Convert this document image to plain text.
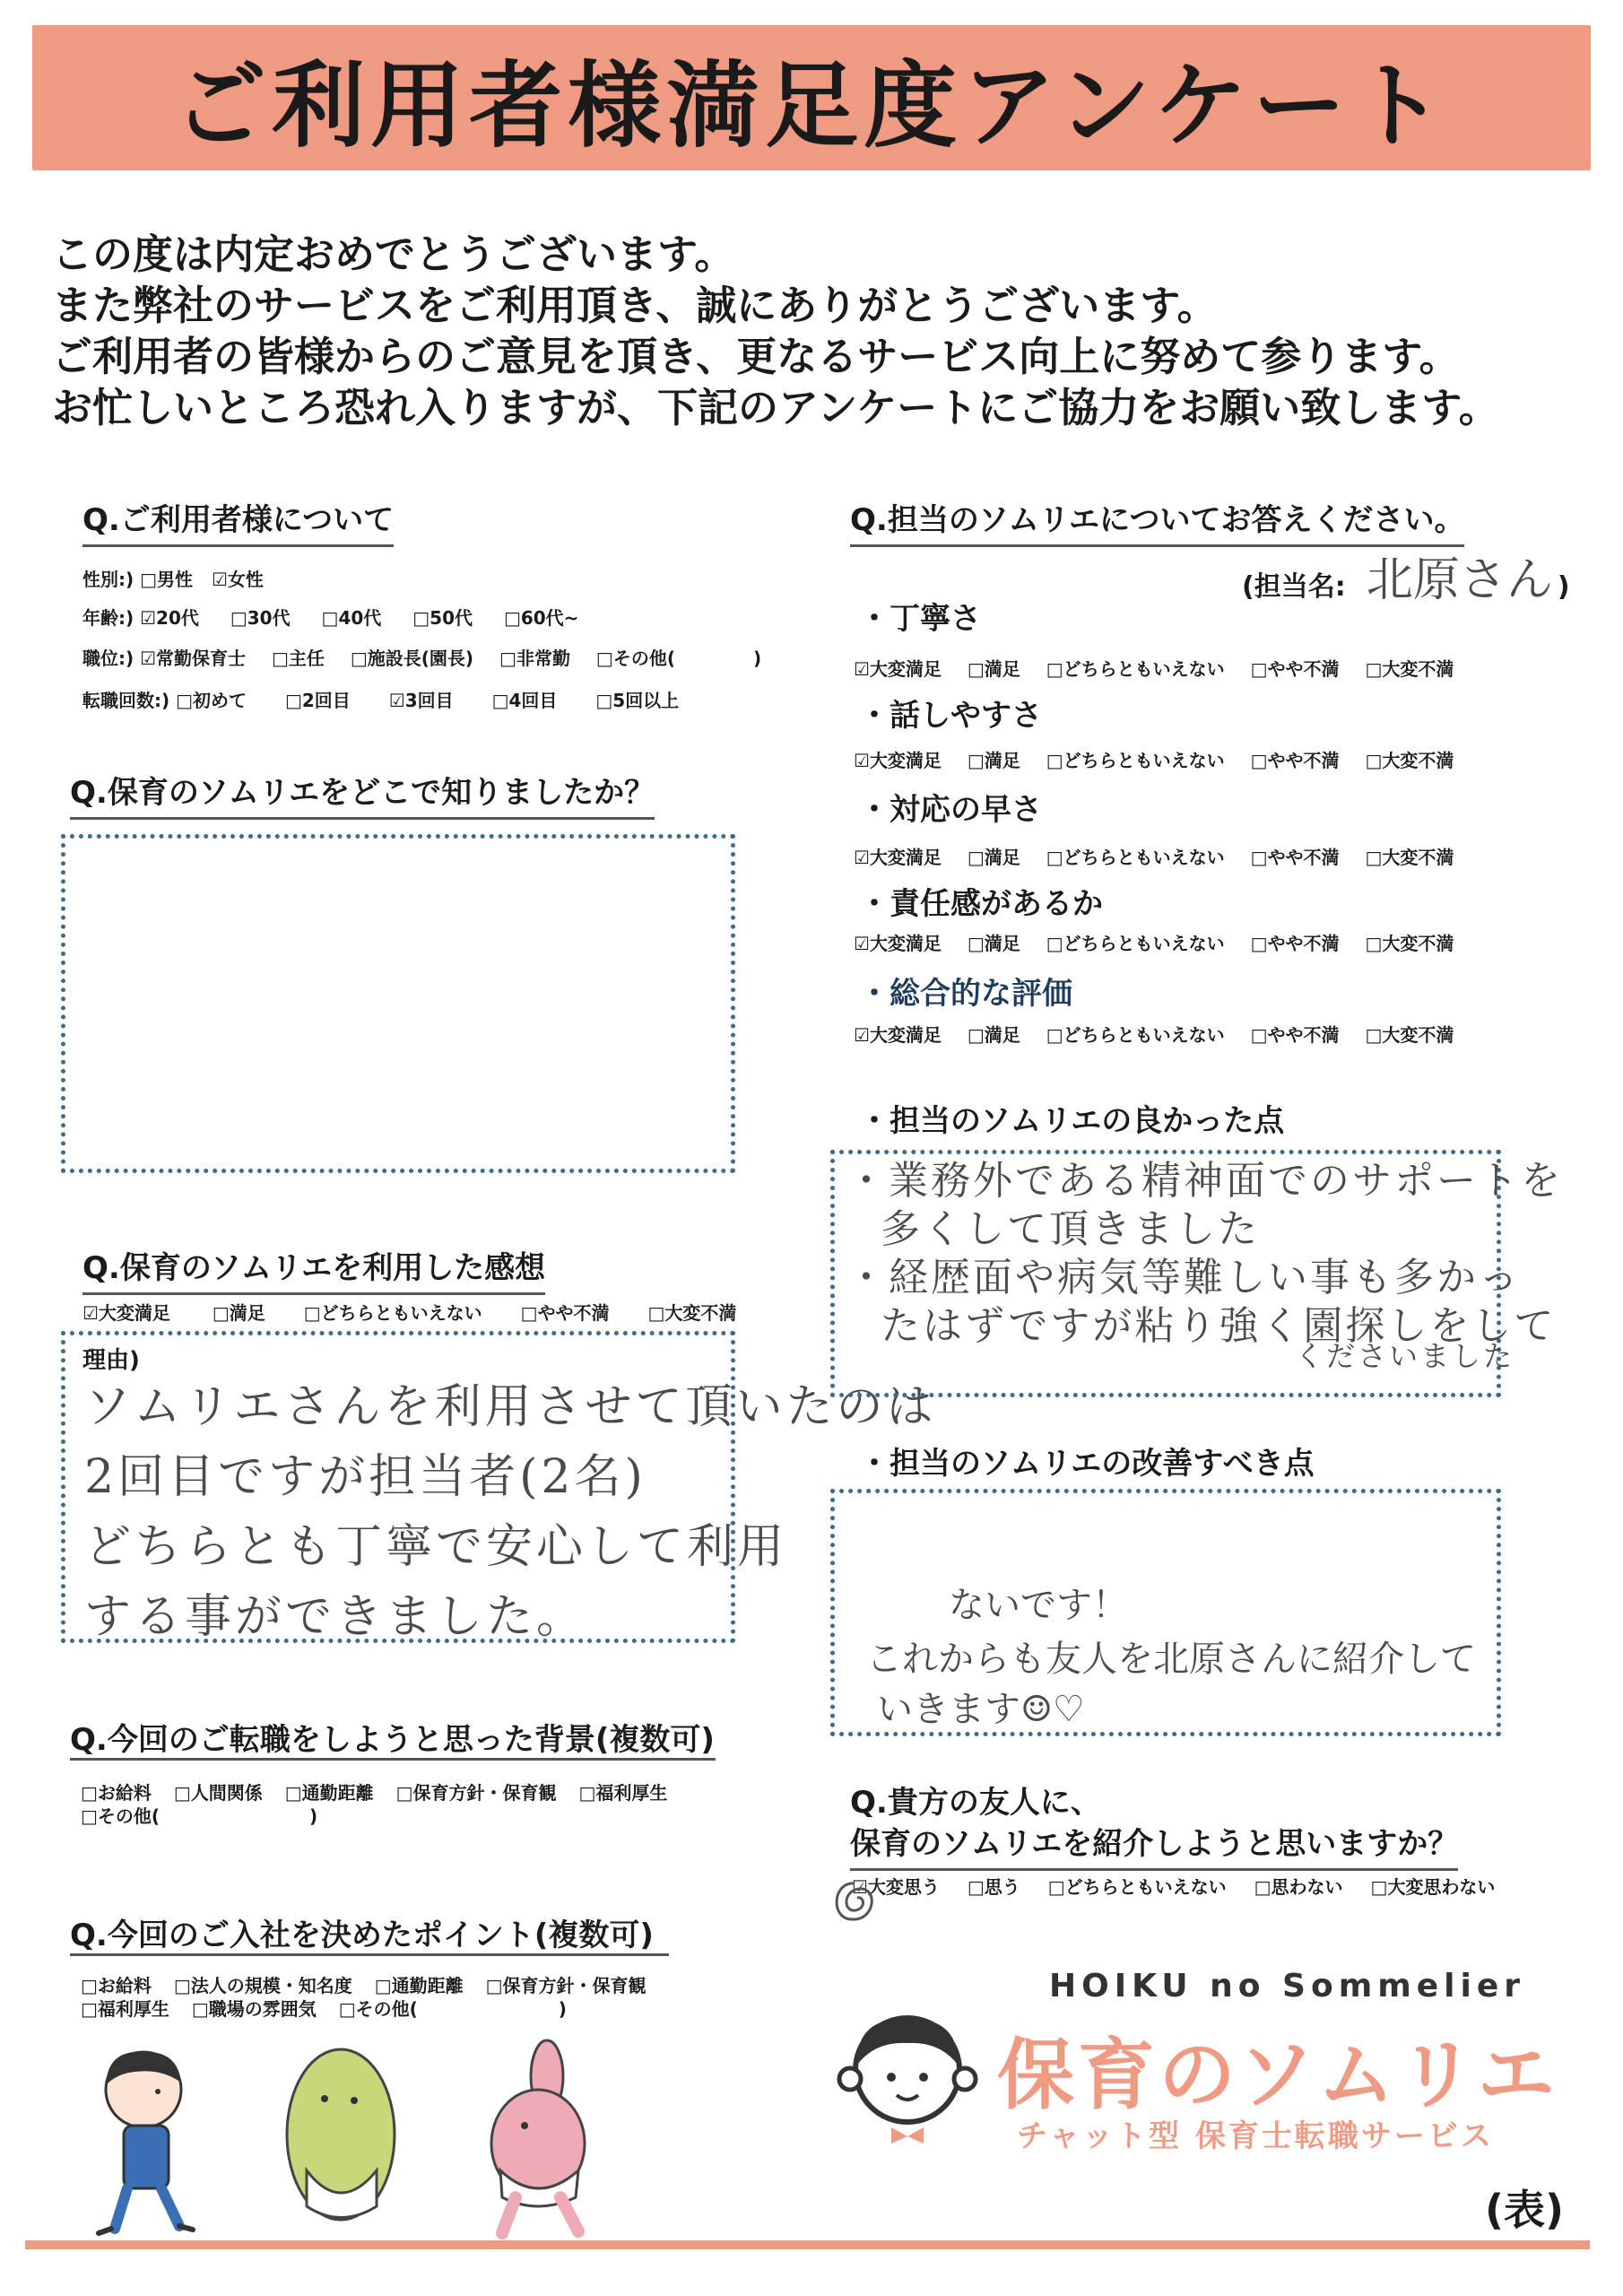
ご利用者様満足度アンケート
この度は内定おめでとうございます。
また弊社のサービスをご利用頂き、誠にありがとうございます。
ご利用者の皆様からのご意見を頂き、更なるサービス向上に努めて参ります。
お忙しいところ恐れ入りますが、下記のアンケートにご協力をお願い致します。
Q.ご利用者様について
性別:) □男性 ☑女性
年齢:) ☑20代 □30代 □40代 □50代 □60代~
職位:) ☑常勤保育士 □主任 □施設長(園長) □非常勤 □その他(	)
転職回数:) □初めて □2回目 ☑3回目 □4回目 □5回以上
Q.保育のソムリエをどこで知りましたか？
Q.保育のソムリエを利用した感想
☑大変満足 □満足 □どちらともいえない □やや不満 □大変不満
理由)
ソムリエさんを利用させて頂いたのは
2回目ですが担当者(2名)
どちらとも丁寧で安心して利用
する事ができました。
Q.今回のご転職をしようと思った背景(複数可)
□お給料 □人間関係 □通勤距離 □保育方針・保育観 □福利厚生
□その他(	)
Q.今回のご入社を決めたポイント(複数可)
□お給料 □法人の規模・知名度 □通勤距離 □保育方針・保育観
□福利厚生 □職場の雰囲気 □その他(	)
Q.担当のソムリエについてお答えください。
(担当名: 北原さん )
・丁寧さ
☑大変満足 □満足 □どちらともいえない □やや不満 □大変不満
・話しやすさ
☑大変満足 □満足 □どちらともいえない □やや不満 □大変不満
・対応の早さ
☑大変満足 □満足 □どちらともいえない □やや不満 □大変不満
・責任感があるか
☑大変満足 □満足 □どちらともいえない □やや不満 □大変不満
・総合的な評価
☑大変満足 □満足 □どちらともいえない □やや不満 □大変不満
・担当のソムリエの良かった点
・業務外である精神面でのサポートを
多くして頂きました
・経歴面や病気等難しい事も多かっ
たはずですが粘り強く園探しをして
くださいました
・担当のソムリエの改善すべき点
ないです！
これからも友人を北原さんに紹介して
いきます☺♡
Q.貴方の友人に、
保育のソムリエを紹介しようと思いますか？
☑大変思う □思う □どちらともいえない □思わない □大変思わない
HOIKU no Sommelier
保育のソムリエ
チャット型 保育士転職サービス
(表)
